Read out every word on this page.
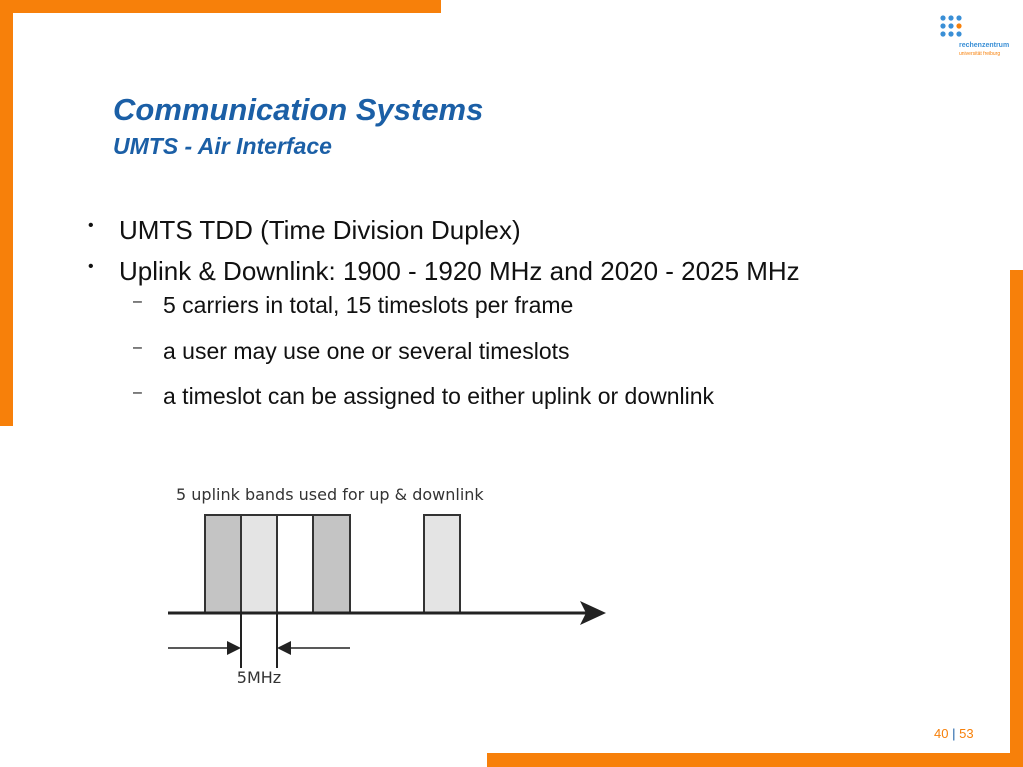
rechenzentrum
universität freiburg
Communication Systems
UMTS - Air Interface
• UMTS TDD (Time Division Duplex)
• Uplink & Downlink: 1900 - 1920 MHz and 2020 - 2025 MHz
– 5 carriers in total, 15 timeslots per frame
– a user may use one or several timeslots
– a timeslot can be assigned to either uplink or downlink
5 uplink bands used for up & downlink
5MHz
40 | 53
